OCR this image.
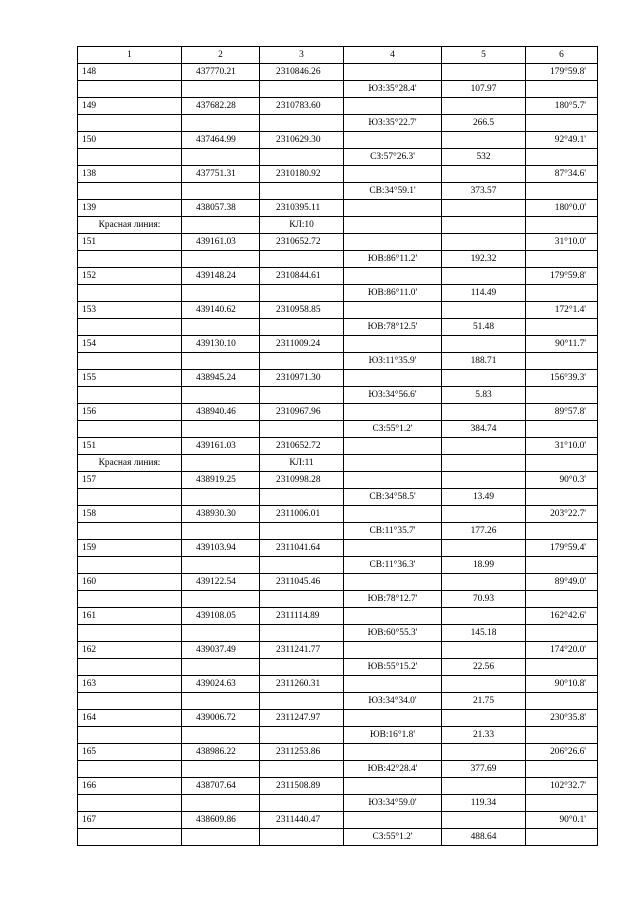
1	2	3	4	5	6
148	437770.21	2310846.26			179°59.8'
			ЮЗ:35°28.4'	107.97	
149	437682.28	2310783.60			180°5.7'
			ЮЗ:35°22.7'	266.5	
150	437464.99	2310629.30			92°49.1'
			СЗ:57°26.3'	532	
138	437751.31	2310180.92			87°34.6'
			СВ:34°59.1'	373.57	
139	438057.38	2310395.11			180°0.0'
Красная линия:		КЛ:10			
151	439161.03	2310652.72			31°10.0'
			ЮВ:86°11.2'	192.32	
152	439148.24	2310844.61			179°59.8'
			ЮВ:86°11.0'	114.49	
153	439140.62	2310958.85			172°1.4'
			ЮВ:78°12.5'	51.48	
154	439130.10	2311009.24			90°11.7'
			ЮЗ:11°35.9'	188.71	
155	438945.24	2310971.30			156°39.3'
			ЮЗ:34°56.6'	5.83	
156	438940.46	2310967.96			89°57.8'
			СЗ:55°1.2'	384.74	
151	439161.03	2310652.72			31°10.0'
Красная линия:		КЛ:11			
157	438919.25	2310998.28			90°0.3'
			СВ:34°58.5'	13.49	
158	438930.30	2311006.01			203°22.7'
			СВ:11°35.7'	177.26	
159	439103.94	2311041.64			179°59.4'
			СВ:11°36.3'	18.99	
160	439122.54	2311045.46			89°49.0'
			ЮВ:78°12.7'	70.93	
161	439108.05	2311114.89			162°42.6'
			ЮВ:60°55.3'	145.18	
162	439037.49	2311241.77			174°20.0'
			ЮВ:55°15.2'	22.56	
163	439024.63	2311260.31			90°10.8'
			ЮЗ:34°34.0'	21.75	
164	439006.72	2311247.97			230°35.8'
			ЮВ:16°1.8'	21.33	
165	438986.22	2311253.86			206°26.6'
			ЮВ:42°28.4'	377.69	
166	438707.64	2311508.89			102°32.7'
			ЮЗ:34°59.0'	119.34	
167	438609.86	2311440.47			90°0.1'
			СЗ:55°1.2'	488.64	
